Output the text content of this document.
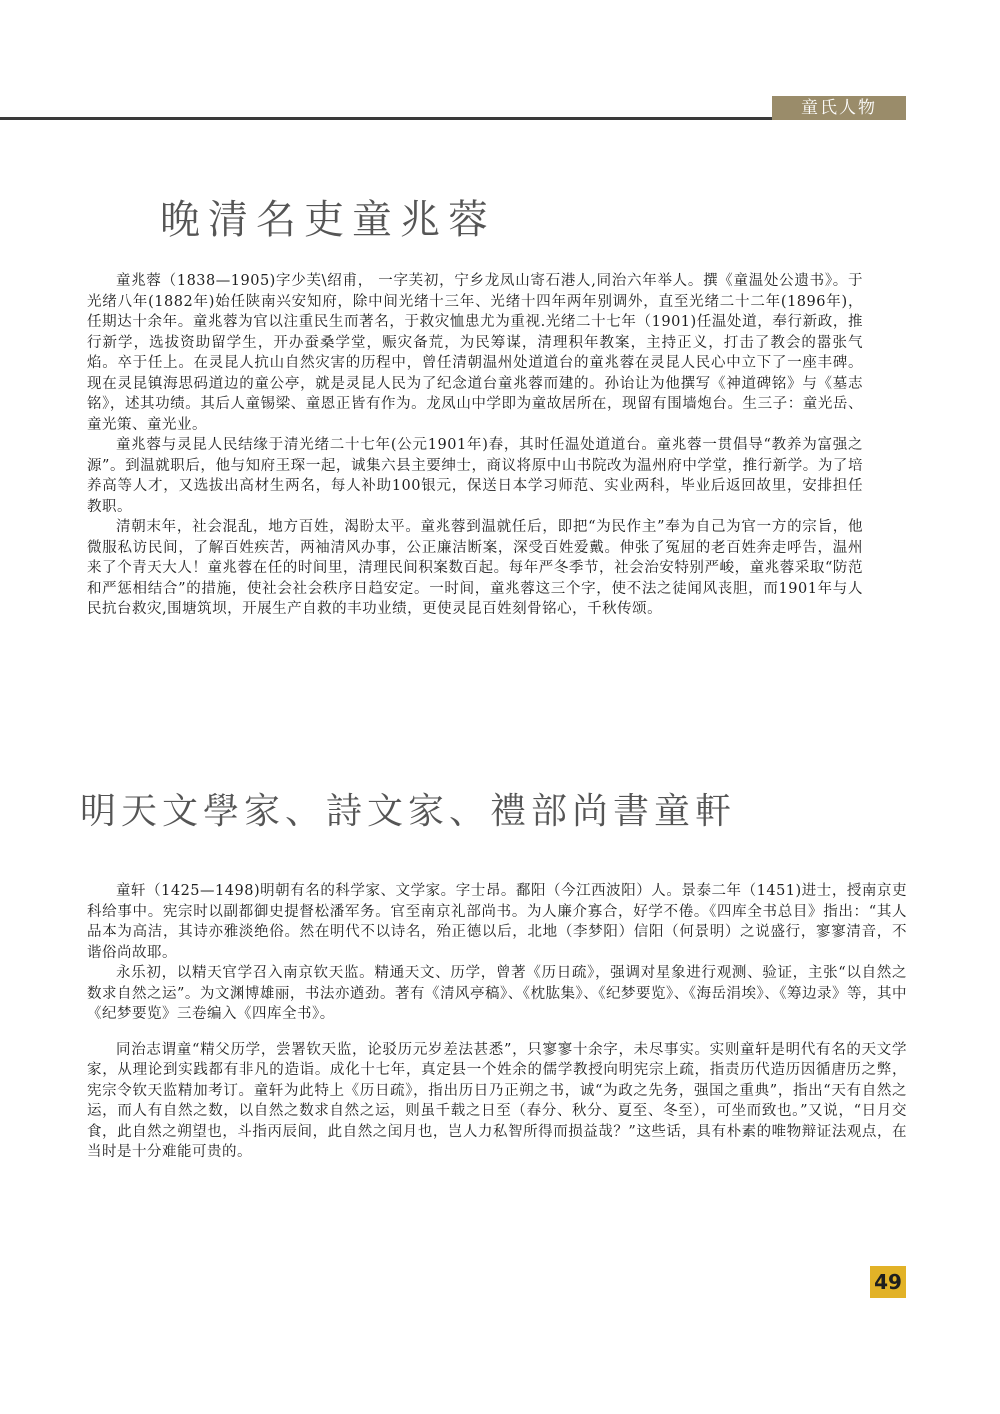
童氏人物
晚清名吏童兆蓉

童兆蓉（1838—1905)字少芙\绍甫， 一字芙初，宁乡龙凤山寄石港人,同治六年举人。撰《童温处公遗书》。于光绪八年(1882年)始任陕南兴安知府，除中间光绪十三年、光绪十四年两年别调外，直至光绪二十二年(1896年)，任期达十余年。童兆蓉为官以注重民生而著名，于救灾恤患尤为重视.光绪二十七年（1901)任温处道，奉行新政，推行新学，选拔资助留学生，开办蚕桑学堂，赈灾备荒，为民筹谋，清理积年教案，主持正义，打击了教会的嚣张气焰。卒于任上。在灵昆人抗山自然灾害的历程中，曾任清朝温州处道道台的童兆蓉在灵昆人民心中立下了一座丰碑。现在灵昆镇海思码道边的童公亭，就是灵昆人民为了纪念道台童兆蓉而建的。孙诒让为他撰写《神道碑铭》与《墓志铭》，述其功绩。其后人童锡梁、童恩正皆有作为。龙凤山中学即为童故居所在，现留有围墙炮台。生三子：童光岳、童光策、童光业。

童兆蓉与灵昆人民结缘于清光绪二十七年(公元1901年)春，其时任温处道道台。童兆蓉一贯倡导“教养为富强之源”。到温就职后，他与知府王琛一起，诚集六县主要绅士，商议将原中山书院改为温州府中学堂，推行新学。为了培养高等人才，又选拔出高材生两名，每人补助100银元，保送日本学习师范、实业两科，毕业后返回故里，安排担任教职。

清朝末年，社会混乱，地方百姓，渴盼太平。童兆蓉到温就任后，即把“为民作主”奉为自己为官一方的宗旨，他微服私访民间，了解百姓疾苦，两袖清风办事，公正廉洁断案，深受百姓爱戴。伸张了冤屈的老百姓奔走呼告，温州来了个青天大人！童兆蓉在任的时间里，清理民间积案数百起。每年严冬季节，社会治安特别严峻，童兆蓉采取“防范和严惩相结合”的措施，使社会社会秩序日趋安定。一时间，童兆蓉这三个字，使不法之徒闻风丧胆，而1901年与人民抗台救灾,围塘筑坝，开展生产自救的丰功业绩，更使灵昆百姓刻骨铭心，千秋传颂。

明天文學家、詩文家、禮部尚書童軒

童轩（1425—1498)明朝有名的科学家、文学家。字士昂。鄱阳（今江西波阳）人。景泰二年（1451)进士，授南京吏科给事中。宪宗时以副都御史提督松潘军务。官至南京礼部尚书。为人廉介寡合，好学不倦。《四库全书总目》指出：“其人品本为高洁，其诗亦雅淡绝俗。然在明代不以诗名，殆正德以后，北地（李梦阳）信阳（何景明）之说盛行，寥寥清音，不谐俗尚故耶。

永乐初，以精天官学召入南京钦天监。精通天文、历学，曾著《历日疏》，强调对星象进行观测、验证，主张“以自然之数求自然之运”。为文渊博雄丽，书法亦遒劲。著有《清风亭稿》、《枕肱集》、《纪梦要览》、《海岳涓埃》、《筹边录》等，其中《纪梦要览》三卷编入《四库全书》。

同治志谓童“精父历学，尝署钦天监，论驳历元岁差法甚悉”，只寥寥十余字，未尽事实。实则童轩是明代有名的天文学家，从理论到实践都有非凡的造诣。成化十七年，真定县一个姓余的儒学教授向明宪宗上疏，指责历代造历因循唐历之弊，宪宗令钦天监精加考订。童轩为此特上《历日疏》，指出历日乃正朔之书，诚“为政之先务，强国之重典”，指出“天有自然之运，而人有自然之数，以自然之数求自然之运，则虽千载之日至（春分、秋分、夏至、冬至），可坐而致也。”又说，“日月交食，此自然之朔望也，斗指丙辰间，此自然之闰月也，岂人力私智所得而损益哉？”这些话，具有朴素的唯物辩证法观点，在当时是十分难能可贵的。

49
